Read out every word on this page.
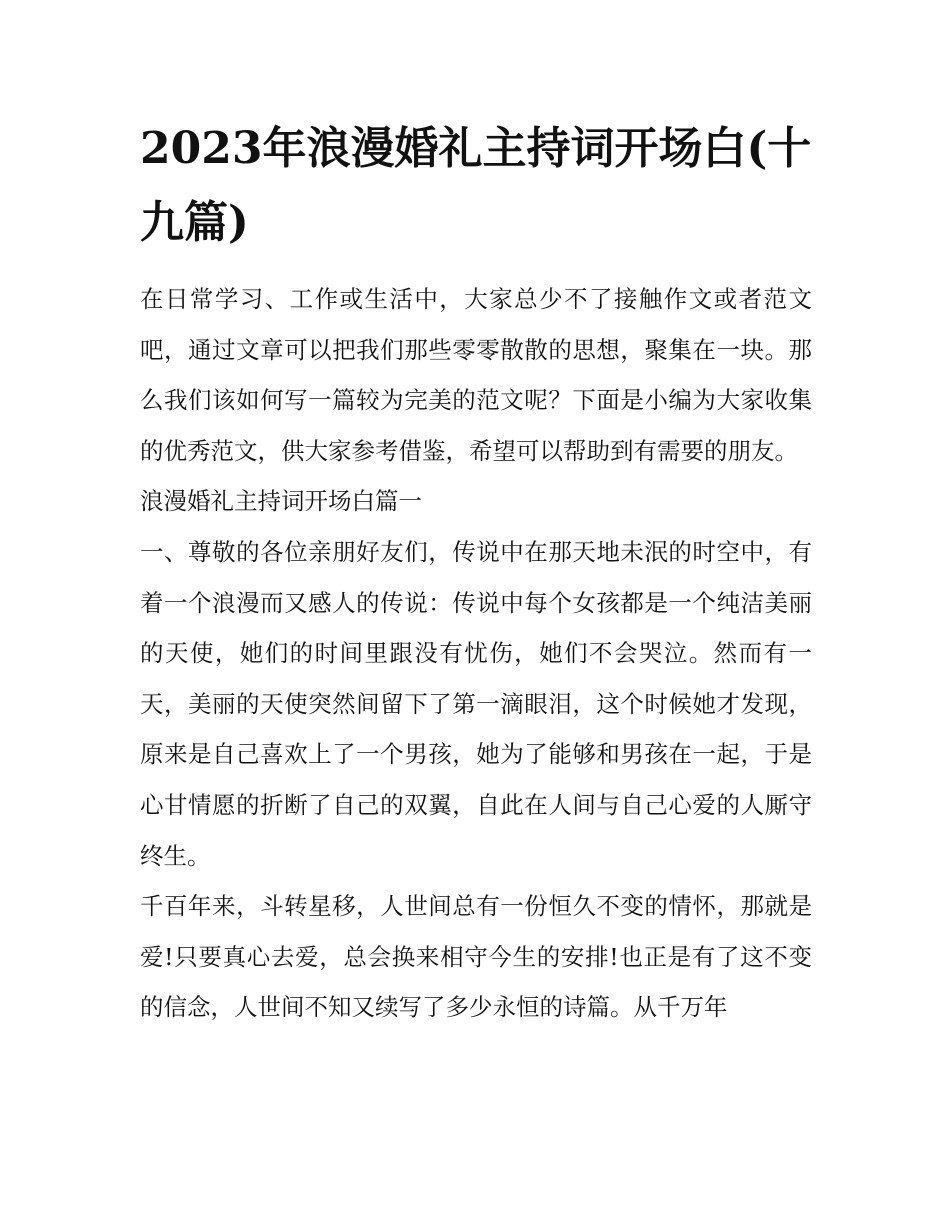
2023年浪漫婚礼主持词开场白(十九篇)

在日常学习、工作或生活中，大家总少不了接触作文或者范文吧，通过文章可以把我们那些零零散散的思想，聚集在一块。那么我们该如何写一篇较为完美的范文呢？下面是小编为大家收集的优秀范文，供大家参考借鉴，希望可以帮助到有需要的朋友。

浪漫婚礼主持词开场白篇一

一、尊敬的各位亲朋好友们，传说中在那天地未泯的时空中，有着一个浪漫而又感人的传说：传说中每个女孩都是一个纯洁美丽的天使，她们的时间里跟没有忧伤，她们不会哭泣。然而有一天，美丽的天使突然间留下了第一滴眼泪，这个时候她才发现，原来是自己喜欢上了一个男孩，她为了能够和男孩在一起，于是心甘情愿的折断了自己的双翼，自此在人间与自己心爱的人厮守终生。

千百年来，斗转星移，人世间总有一份恒久不变的情怀，那就是爱!只要真心去爱，总会换来相守今生的安排!也正是有了这不变的信念，人世间不知又续写了多少永恒的诗篇。从千万年
